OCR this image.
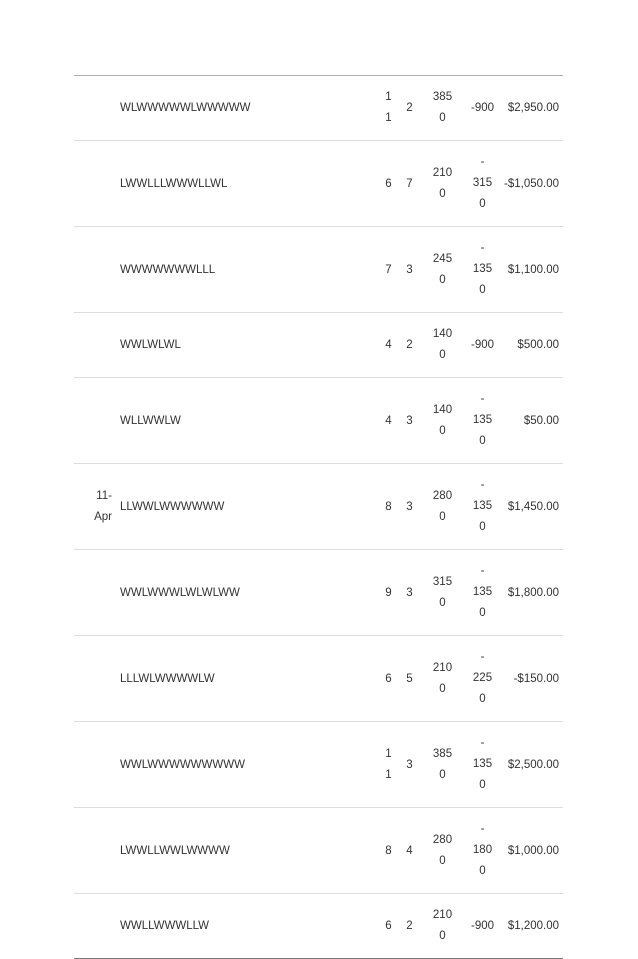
	WLWWWWWLWWWWW	1
1	2	385
0	-900	$2,950.00
	LWWLLLWWWLLWL	6	7	210
0	-
315
0	-$1,050.00
	WWWWWWWLLL	7	3	245
0	-
135
0	$1,100.00
	WWLWLWL	4	2	140
0	-900	$500.00
	WLLWWLW	4	3	140
0	-
135
0	$50.00

11-
Apr	LLWWLWWWWWW	8	3	280
0	-
135
0	$1,450.00
	WWLWWWLWLWLWW	9	3	315
0	-
135
0	$1,800.00
	LLLWLWWWWLW	6	5	210
0	-
225
0	-$150.00
	WWLWWWWWWWWW	1
1	3	385
0	-
135
0	$2,500.00
	LWWLLWWLWWWW	8	4	280
0	-
180
0	$1,000.00
	WWLLWWWLLW	6	2	210
0	-900	$1,200.00
